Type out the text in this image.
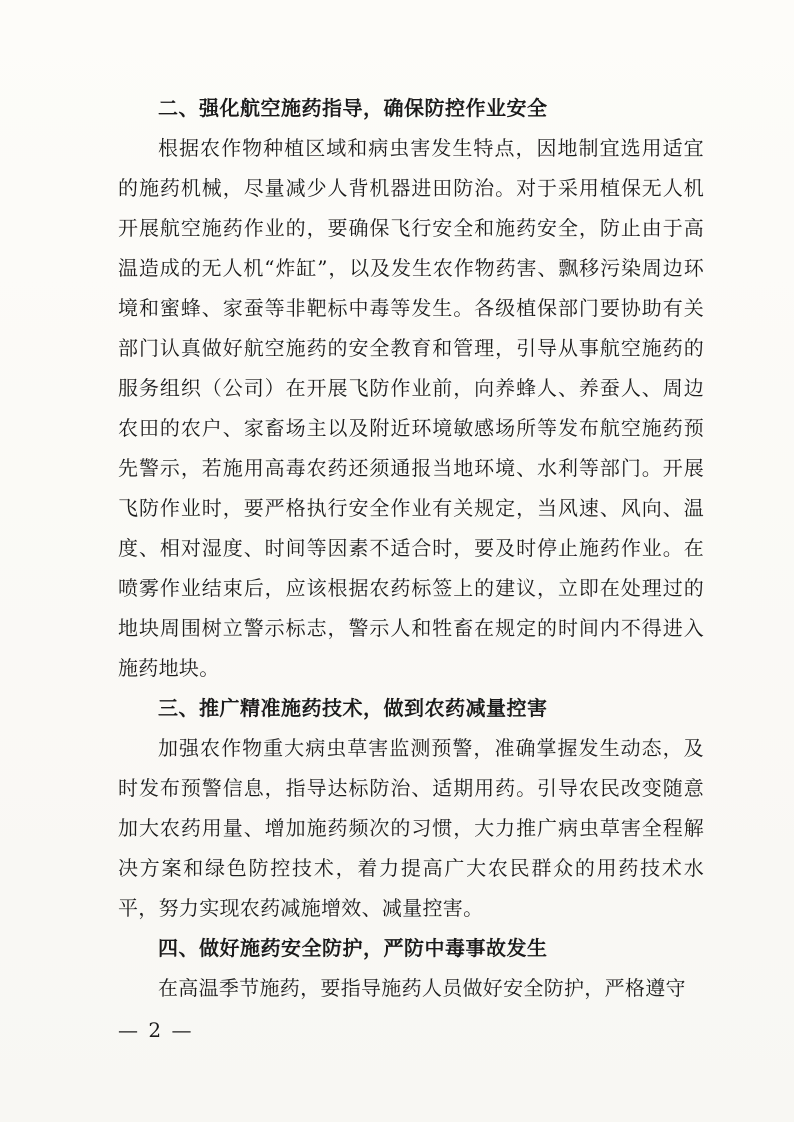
二、强化航空施药指导，确保防控作业安全

根据农作物种植区域和病虫害发生特点，因地制宜选用适宜的施药机械，尽量减少人背机器进田防治。对于采用植保无人机开展航空施药作业的，要确保飞行安全和施药安全，防止由于高温造成的无人机“炸缸”，以及发生农作物药害、飘移污染周边环境和蜜蜂、家蚕等非靶标中毒等发生。各级植保部门要协助有关部门认真做好航空施药的安全教育和管理，引导从事航空施药的服务组织（公司）在开展飞防作业前，向养蜂人、养蚕人、周边农田的农户、家畜场主以及附近环境敏感场所等发布航空施药预先警示，若施用高毒农药还须通报当地环境、水利等部门。开展飞防作业时，要严格执行安全作业有关规定，当风速、风向、温度、相对湿度、时间等因素不适合时，要及时停止施药作业。在喷雾作业结束后，应该根据农药标签上的建议，立即在处理过的地块周围树立警示标志，警示人和牲畜在规定的时间内不得进入施药地块。

三、推广精准施药技术，做到农药减量控害

加强农作物重大病虫草害监测预警，准确掌握发生动态，及时发布预警信息，指导达标防治、适期用药。引导农民改变随意加大农药用量、增加施药频次的习惯，大力推广病虫草害全程解决方案和绿色防控技术，着力提高广大农民群众的用药技术水平，努力实现农药减施增效、减量控害。

四、做好施药安全防护，严防中毒事故发生

在高温季节施药，要指导施药人员做好安全防护，严格遵守

— 2 —
